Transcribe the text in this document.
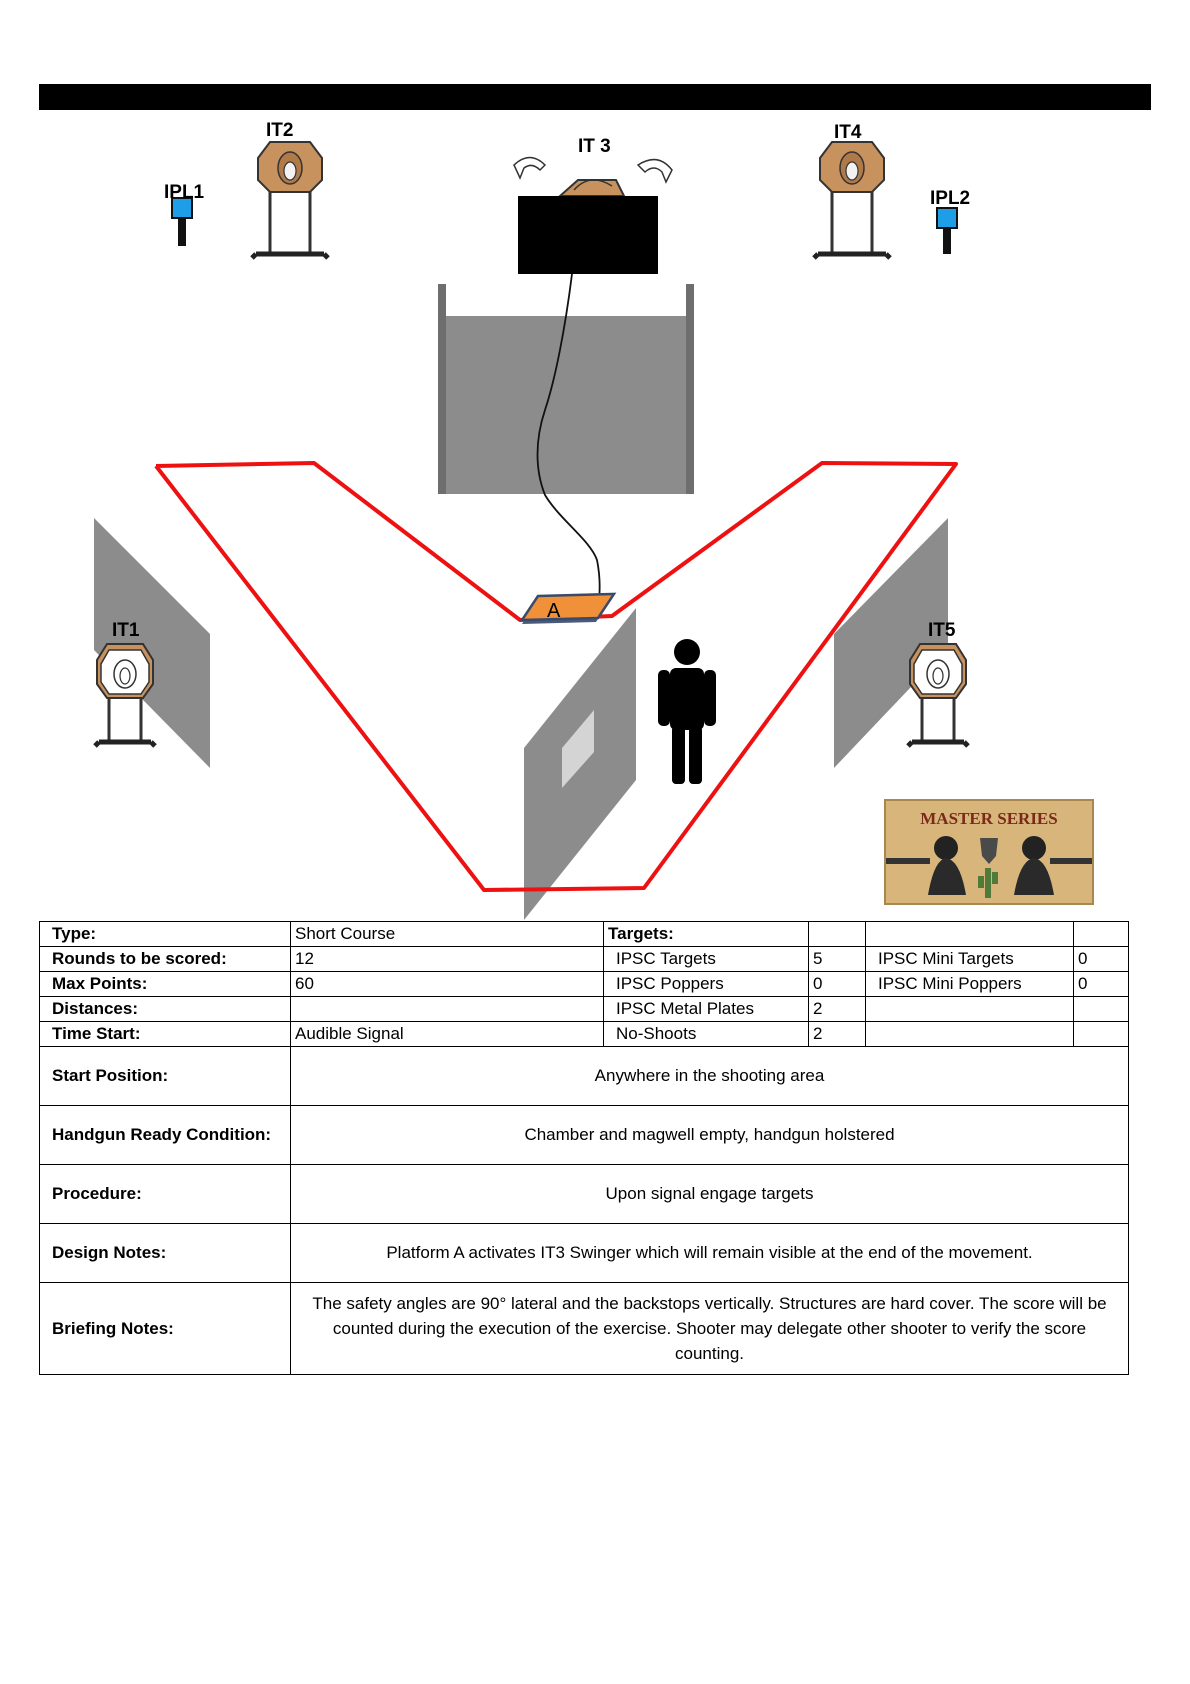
IPL1
IT2
IT 3
IT4
IPL2
A
IT1	IT5
MASTER SERIES
Type:	Short Course	Targets:			
Rounds to be scored:	12	IPSC Targets	5	IPSC Mini Targets	0
Max Points:	60	IPSC Poppers	0	IPSC Mini Poppers	0
Distances:		IPSC Metal Plates	2		
Time Start:	Audible Signal	No-Shoots	2		
Start Position:	Anywhere in the shooting area				
Handgun Ready Condition:	Chamber and magwell empty, handgun holstered				
Procedure:	Upon signal engage targets				
Design Notes:	Platform A activates IT3 Swinger which will remain visible at the end of the movement.				
Briefing Notes:	The safety angles are 90° lateral and the backstops vertically. Structures are hard cover. The score will be counted during the execution of the exercise. Shooter may delegate other shooter to verify the score counting.				
